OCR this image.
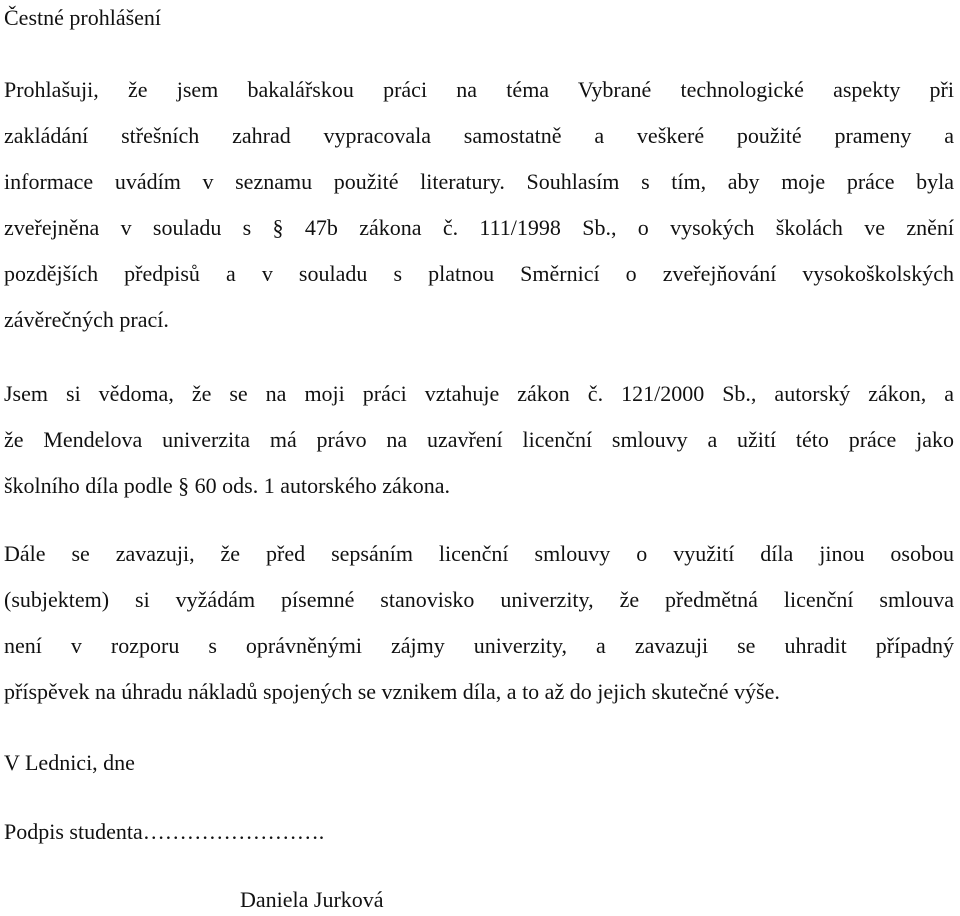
Čestné prohlášení
Prohlašuji, že jsem bakalářskou práci na téma Vybrané technologické aspekty při
zakládání střešních zahrad vypracovala samostatně a veškeré použité prameny a
informace uvádím v seznamu použité literatury. Souhlasím s tím, aby moje práce byla
zveřejněna v souladu s § 47b zákona č. 111/1998 Sb., o vysokých školách ve znění
pozdějších předpisů a v souladu s platnou Směrnicí o zveřejňování vysokoškolských
závěrečných prací.
Jsem si vědoma, že se na moji práci vztahuje zákon č. 121/2000 Sb., autorský zákon, a
že Mendelova univerzita má právo na uzavření licenční smlouvy a užití této práce jako
školního díla podle § 60 ods. 1 autorského zákona.
Dále se zavazuji, že před sepsáním licenční smlouvy o využití díla jinou osobou
(subjektem) si vyžádám písemné stanovisko univerzity, že předmětná licenční smlouva
není v rozporu s oprávněnými zájmy univerzity, a zavazuji se uhradit případný
příspěvek na úhradu nákladů spojených se vznikem díla, a to až do jejich skutečné výše.
V Lednici, dne
Podpis studenta…………………….
Daniela Jurková
